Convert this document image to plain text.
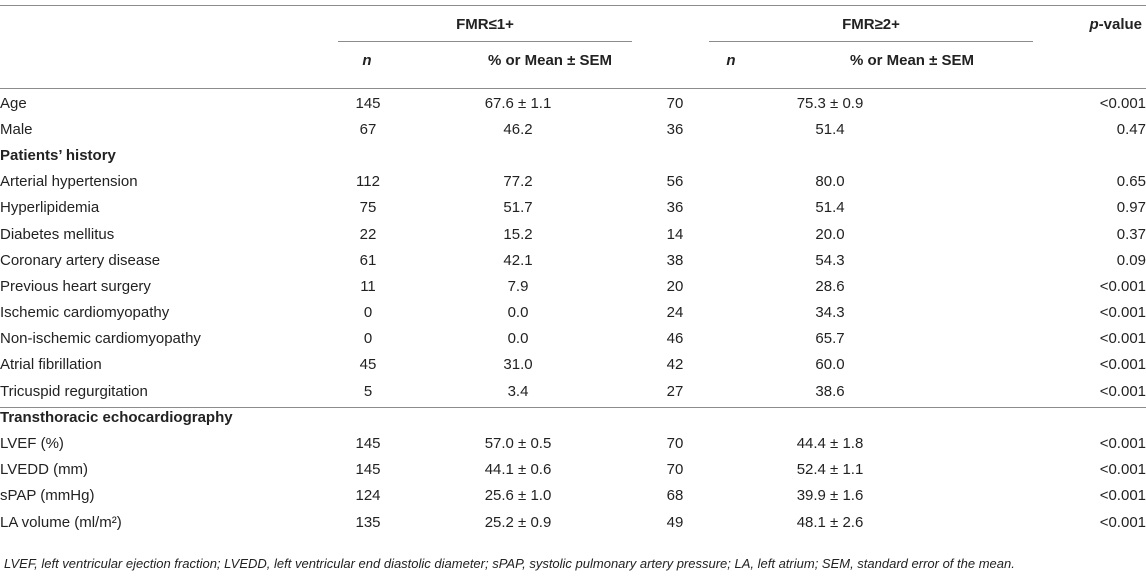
FMR≤1+	FMR≥2+	p-value
n	% or Mean ± SEM	n	% or Mean ± SEM
Age	145	67.6 ± 1.1	70	75.3 ± 0.9	<0.001
Male	67	46.2	36	51.4	0.47
Patients’ history					
Arterial hypertension	112	77.2	56	80.0	0.65
Hyperlipidemia	75	51.7	36	51.4	0.97
Diabetes mellitus	22	15.2	14	20.0	0.37
Coronary artery disease	61	42.1	38	54.3	0.09
Previous heart surgery	11	7.9	20	28.6	<0.001
Ischemic cardiomyopathy	0	0.0	24	34.3	<0.001
Non-ischemic cardiomyopathy	0	0.0	46	65.7	<0.001
Atrial fibrillation	45	31.0	42	60.0	<0.001
Tricuspid regurgitation	5	3.4	27	38.6	<0.001
Transthoracic echocardiography					
LVEF (%)	145	57.0 ± 0.5	70	44.4 ± 1.8	<0.001
LVEDD (mm)	145	44.1 ± 0.6	70	52.4 ± 1.1	<0.001
sPAP (mmHg)	124	25.6 ± 1.0	68	39.9 ± 1.6	<0.001
LA volume (ml/m²)	135	25.2 ± 0.9	49	48.1 ± 2.6	<0.001
LVEF, left ventricular ejection fraction; LVEDD, left ventricular end diastolic diameter; sPAP, systolic pulmonary artery pressure; LA, left atrium; SEM, standard error of the mean.
